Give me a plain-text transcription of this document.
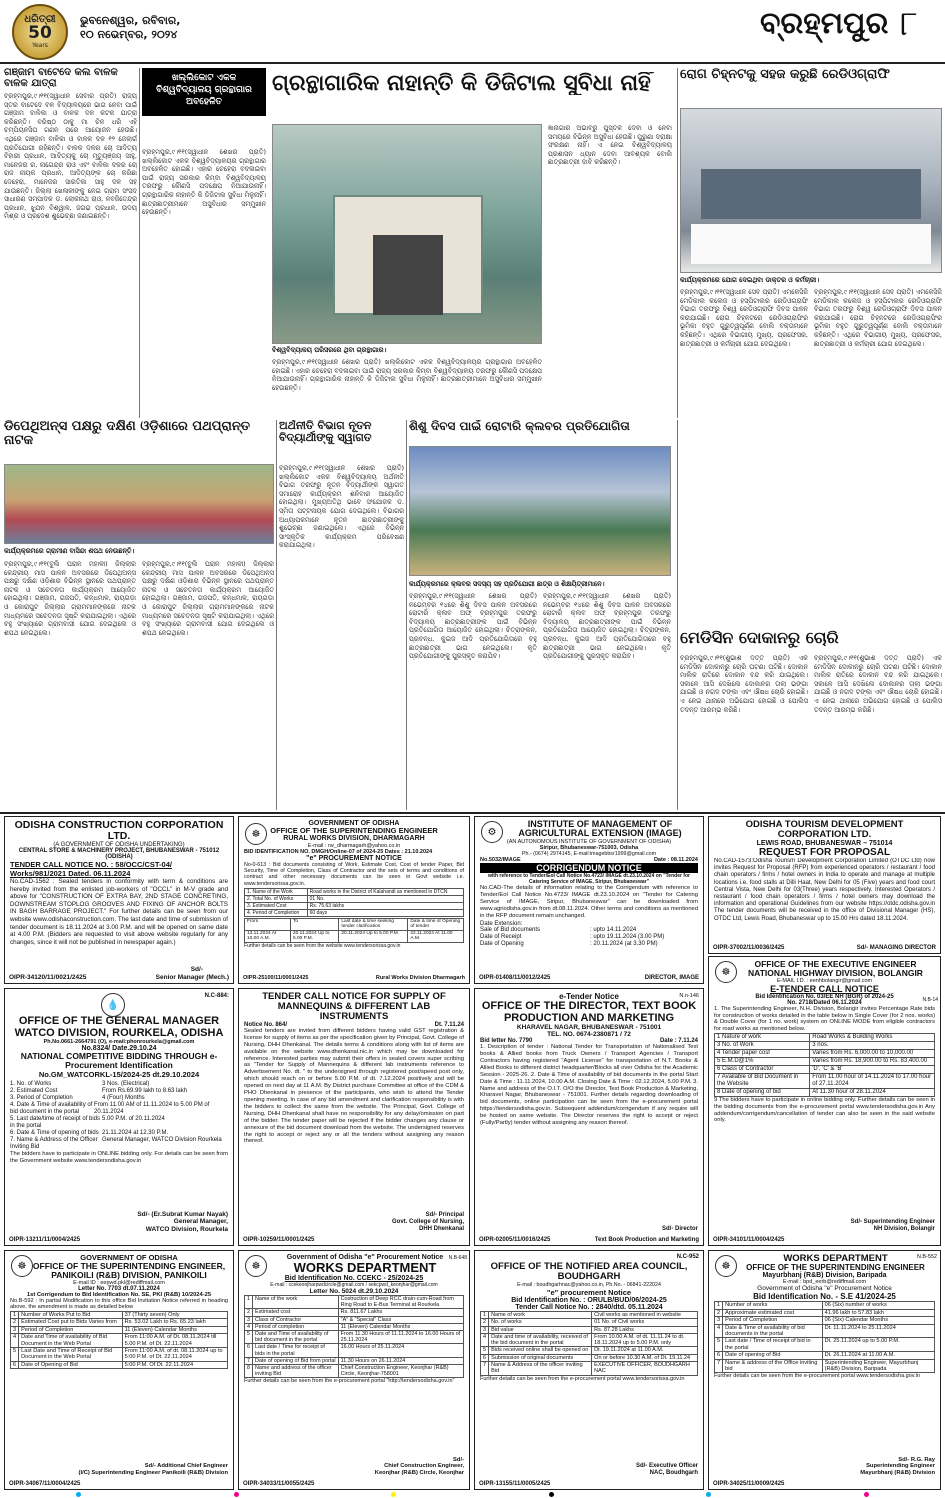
ଧରିତ୍ରୀ
50
Years
ଭୁବନେଶ୍ୱର, ରବିବାର,
୧୦ ନଭେମ୍ବର, ୨୦୨୪	ବ୍ରହ୍ମପୁର ୮
ଗଞ୍ଜାମ ବାଟେଦେ କଲ ବାଳକ ବାଳକ ଯାତ୍ରା
ବ୍ରହ୍ମପୁର,୯।୧୧(ସ୍ୱାଧୀନ ସେବାର ପ୍ରତି) ରାଜ୍ୟ ସ୍ତର ବାଟେଦେ ବଳ ବିଦ୍ୟାଳୟରେ ଭାଗ ନେବା ପାଇଁ ଗଞ୍ଜାମ ବାଳିକା ଓ ବାଳକ ଦଳ କଟକ ଯାତ୍ରା କରିଛନ୍ତି। ବରିଷ୍ଠ ଠାକୁ ମା ଚିନ ଧରି ଏହି ଚମ୍ପିୟନସିପ ଗଣନ ପରେ ଆୟୋଜନ ହେଉଛି। ଏଥିରେ ଗଞ୍ଜାମ ବାଳିକା ଓ ବାଳକ ଦଳ ୧୨ ଜେଲାର୍ଗ ପ୍ରତିଯୋଗୀ ରହିଛନ୍ତି। ବାଳକ ଦଳର ଚୋ ଆଦିତ୍ୟ ବିହାରୀ ପ୍ରଧାନ, ଆଦିତ୍ୟକୁ ଚୋ ମୃତ୍ୟୁଞ୍ଜୟ ସାହୁ, ମାନେଜର ର, ନାଗେନ୍ଦ୍ର ରାଓ ଏବଂ ବାଳିକା ଦଳର ଚୋ ରାଜ ନାୟକ ପ୍ରଧାନ, ଆଦିତ୍ୟଙ୍କ ଚୋ କରିଛା ଦେହେରା, ମାନେଜର ସାରତିକା ସାହୁ ଦଳ ସହ ଯାଉଛନ୍ତି। ଜିଲ୍ଲା ଖେଳାଳୀଙ୍କୁ ନେଇ ଗ୍ରାମ ସଂସଦ ସାଧାରଣ ସମ୍ପାଦକ ଡ. ଲୋକନାଥ ରାଓ, ନବଜିତେନ୍ଦ୍ର ପ୍ରଧାନ, ଝୁଯନ ବିଶ୍ୱାଳ, ଜଗଭ ପ୍ରଧାନ, ଉଦୟ ମିଶ୍ର ଓ ପ୍ରଦେଶ ଶୁଭେଚ୍ଛା ଜଣାଇଛନ୍ତି।
ଖଲ୍ଲିକୋଟ ଏକକ ବିଶ୍ୱବିଦ୍ୟାଳୟ ଗ୍ରନ୍ଥାଗାର ଅବହେଳିତ
ଗ୍ରନ୍ଥାଗାରିକ ନାହାନ୍ତି କି ଡିଜିଟାଲ ସୁବିଧା ନାହିଁ
ବ୍ରହ୍ମପୁର,୯।୧୧(ସ୍ୱାଧୀନ ଶେଖର ପ୍ରାତି) ଖଲ୍ଲିକୋଟ ଏକକ ବିଶ୍ୱବିଦ୍ୟାଳୟର ଗ୍ରନ୍ଥାଗାର ଅବହେଳିତ ହୋଇଛି। ଏହାର ଚେହେରା ବଦଳାଇବା ପାଇଁ ରାଜ୍ୟ ସରକାର କିମ୍ବା ବିଶ୍ୱବିଦ୍ୟାଳୟ ତରଫରୁ କୌଣସି ପଦକ୍ଷେପ ନିଆଯାଉନାହିଁ। ଗ୍ରନ୍ଥାଗାରିକ ନାହାନ୍ତି କି ଡିଜିଟାଲ ସୁବିଧା ମିଳୁନାହିଁ। ଛାତ୍ରଛାତ୍ରୀମାନେ ଅସୁବିଧାର ସମ୍ମୁଖୀନ ହେଉଛନ୍ତି।
ବିଶ୍ୱବିଦ୍ୟାଳୟ ପରିସରରେ ଥିବା ଗ୍ରନ୍ଥାଗାର।
ଜ୍ଞାନାଗାର ଅଭାବରୁ ପୁସ୍ତକ ଦେବା ଓ ନେବା ସମୟରେ ବିଭିନ୍ନ ଅସୁବିଧା ହେଉଛି। ପୁରୁଣା ଦ୍ରାକ୍ଷା ସଂରକ୍ଷଣ ନାହିଁ। ଏ ନେଇ ବିଶ୍ୱବିଦ୍ୟାଳୟ ପ୍ରଶାସନ ଧ୍ୟାନ ଦେବା ଆବଶ୍ୟକ ବୋଲି ଛାତ୍ରଛାତ୍ରୀ ଦାବି କରିଛନ୍ତି।
ବ୍ରହ୍ମପୁର,୯।୧୧(ସ୍ୱାଧୀନ ଶେଖର ପ୍ରାତି) ଖଲ୍ଲିକୋଟ ଏକକ ବିଶ୍ୱବିଦ୍ୟାଳୟର ଗ୍ରନ୍ଥାଗାର ଅବହେଳିତ ହୋଇଛି। ଏହାର ଚେହେରା ବଦଳାଇବା ପାଇଁ ରାଜ୍ୟ ସରକାର କିମ୍ବା ବିଶ୍ୱବିଦ୍ୟାଳୟ ତରଫରୁ କୌଣସି ପଦକ୍ଷେପ ନିଆଯାଉନାହିଁ। ଗ୍ରନ୍ଥାଗାରିକ ନାହାନ୍ତି କି ଡିଜିଟାଲ ସୁବିଧା ମିଳୁନାହିଁ। ଛାତ୍ରଛାତ୍ରୀମାନେ ଅସୁବିଧାର ସମ୍ମୁଖୀନ ହେଉଛନ୍ତି।
ରୋଗ ଚିହ୍ନଟକୁ ସହଜ କରୁଛି ରେଡିଓଗ୍ରାଫି
କାର୍ଯ୍ୟକ୍ରମରେ ଯୋଗ ଦେଇଥିବା ଡାକ୍ତର ଓ କର୍ମଚାରୀ।
ବ୍ରହ୍ମପୁର,୯।୧୧(ସ୍ୱାଧୀନ ସେବ ପ୍ରାତି) ଏମକେସିଜି ମେଡିକାଲ କଲେଜ ଓ ହସ୍ପିଟାଲର ରେଡିଓଗ୍ରାଫି ବିଭାଗ ତରଫରୁ ବିଶ୍ୱ ରେଡିଓଗ୍ରାଫି ଦିବସ ପାଳନ କରାଯାଇଛି। ରୋଗ ଚିହ୍ନଟରେ ରେଡିଓଗ୍ରାଫିର ଭୂମିକା ବହୁତ ଗୁରୁତ୍ୱପୂର୍ଣ୍ଣ ବୋଲି ବକ୍ତାମାନେ କହିଛନ୍ତି। ଏଥିରେ ବିଭାଗୀୟ ମୁଖ୍ୟ, ପ୍ରଫେସର, ଛାତ୍ରଛାତ୍ରୀ ଓ କର୍ମଚାରୀ ଯୋଗ ଦେଇଥିଲେ।
ବ୍ରହ୍ମପୁର,୯।୧୧(ସ୍ୱାଧୀନ ସେବ ପ୍ରାତି) ଏମକେସିଜି ମେଡିକାଲ କଲେଜ ଓ ହସ୍ପିଟାଲର ରେଡିଓଗ୍ରାଫି ବିଭାଗ ତରଫରୁ ବିଶ୍ୱ ରେଡିଓଗ୍ରାଫି ଦିବସ ପାଳନ କରାଯାଇଛି। ରୋଗ ଚିହ୍ନଟରେ ରେଡିଓଗ୍ରାଫିର ଭୂମିକା ବହୁତ ଗୁରୁତ୍ୱପୂର୍ଣ୍ଣ ବୋଲି ବକ୍ତାମାନେ କହିଛନ୍ତି। ଏଥିରେ ବିଭାଗୀୟ ମୁଖ୍ୟ, ପ୍ରଫେସର, ଛାତ୍ରଛାତ୍ରୀ ଓ କର୍ମଚାରୀ ଯୋଗ ଦେଇଥିଲେ।
ଡିପେଥିଅନ୍ସ ପକ୍ଷରୁ ଦକ୍ଷିଣ ଓଡ଼ିଶାରେ ପଥପ୍ରାନ୍ତ ନାଟକ
କାର୍ଯ୍ୟକ୍ରମରେ ଗ୍ରାମୀଣ ବାସିନ୍ଦା ଶପଥ ନେଉଛନ୍ତି।
ବ୍ରହ୍ମପୁର,୯।୧୧(ବୁଲି ଘରାନ ମହାଳୀ) ଜିଲ୍ଲାର କେନ୍ଦ୍ରୀୟ ମାସ ପାଳନ ଅବସରରେ ଡିପେଥିଅନ୍ସ ପକ୍ଷରୁ ଦକ୍ଷିଣ ଓଡ଼ିଶାର ବିଭିନ୍ନ ସ୍ଥାନରେ ପଥପ୍ରାନ୍ତ ନାଟକ ଓ ସଚେତନତା କାର୍ଯ୍ୟକ୍ରମ ଆୟୋଜିତ ହୋଇଥିଲା। ଗଞ୍ଜାମ, ଗଜପତି, କନ୍ଧମାଳ, ରାୟଗଡ଼ା ଓ କୋରାପୁଟ ଜିଲ୍ଲାର ଗ୍ରାମମାନଙ୍କରେ ନାଟକ ମାଧ୍ୟମରେ ସଚେତନତା ସୃଷ୍ଟି କରାଯାଇଥିଲା। ଏଥିରେ ବହୁ ସଂଖ୍ୟାରେ ଗ୍ରାମବାସୀ ଯୋଗ ଦେଇଥିଲେ ଓ ଶପଥ ନେଇଥିଲେ।
ବ୍ରହ୍ମପୁର,୯।୧୧(ବୁଲି ଘରାନ ମହାଳୀ) ଜିଲ୍ଲାର କେନ୍ଦ୍ରୀୟ ମାସ ପାଳନ ଅବସରରେ ଡିପେଥିଅନ୍ସ ପକ୍ଷରୁ ଦକ୍ଷିଣ ଓଡ଼ିଶାର ବିଭିନ୍ନ ସ୍ଥାନରେ ପଥପ୍ରାନ୍ତ ନାଟକ ଓ ସଚେତନତା କାର୍ଯ୍ୟକ୍ରମ ଆୟୋଜିତ ହୋଇଥିଲା। ଗଞ୍ଜାମ, ଗଜପତି, କନ୍ଧମାଳ, ରାୟଗଡ଼ା ଓ କୋରାପୁଟ ଜିଲ୍ଲାର ଗ୍ରାମମାନଙ୍କରେ ନାଟକ ମାଧ୍ୟମରେ ସଚେତନତା ସୃଷ୍ଟି କରାଯାଇଥିଲା। ଏଥିରେ ବହୁ ସଂଖ୍ୟାରେ ଗ୍ରାମବାସୀ ଯୋଗ ଦେଇଥିଲେ ଓ ଶପଥ ନେଇଥିଲେ।
ଅର୍ଥନୀତି ବିଭାଗ ନୂତନ ବିଦ୍ୟାର୍ଥୀଙ୍କୁ ସ୍ୱାଗତ
ବ୍ରହ୍ମପୁର,୯।୧୧(ସ୍ୱାଧୀନ ଶେଖର ପ୍ରାତି) ଖଲ୍ଲିକୋଟ ଏକକ ବିଶ୍ୱବିଦ୍ୟାଳୟ ଅର୍ଥନୀତି ବିଭାଗ ତରଫରୁ ନୂତନ ବିଦ୍ୟାର୍ଥୀଙ୍କ ସ୍ୱାଗତ ସମାରୋହ କାର୍ଯ୍ୟକ୍ରମ ଶନିବାର ଆୟୋଜିତ ହୋଇଥିଲା। ମୁଖ୍ୟଅତିଥି ଭାବେ ସଂଯୋଜକ ଡ. ସ୍ମିତା ପଟ୍ଟନାୟକ ଯୋଗ ଦେଇଥିଲେ। ବିଭାଗର ଅଧ୍ୟାପକମାନେ ନୂତନ ଛାତ୍ରଛାତ୍ରୀଙ୍କୁ ଶୁଭେଚ୍ଛା ଜଣାଇଥିଲେ। ଏଥିରେ ବିଭିନ୍ନ ସାଂସ୍କୃତିକ କାର୍ଯ୍ୟକ୍ରମ ପରିବେଷଣ କରାଯାଇଥିଲା।
ଶିଶୁ ଦିବସ ପାଇଁ ରୋଟାରି କ୍ଲବର ପ୍ରତିଯୋଗିତା
କାର୍ଯ୍ୟକ୍ରମରେ କ୍ଲବର ସଦସ୍ୟ ସହ ପ୍ରତିଯୋଗୀ ଛାତ୍ର ଓ ଶିକ୍ଷୟିତ୍ରୀମାନେ।
ବ୍ରହ୍ମପୁର,୯।୧୧(ସ୍ୱାଧୀନ ଶେଖର ପ୍ରାତି) ନଭେମ୍ବର ୧୪ରେ ଶିଶୁ ଦିବସ ପାଳନ ଅବସରରେ ରୋଟାରି କ୍ଲବ ଅଫ୍ ବ୍ରହ୍ମପୁର ତରଫରୁ ବିଦ୍ୟାଳୟ ଛାତ୍ରଛାତ୍ରୀଙ୍କ ପାଇଁ ବିଭିନ୍ନ ପ୍ରତିଯୋଗିତା ଆୟୋଜିତ ହୋଇଥିଲା। ଚିତ୍ରାଙ୍କନ, ପ୍ରବନ୍ଧ, କୁଇଜ ଆଦି ପ୍ରତିଯୋଗିତାରେ ବହୁ ଛାତ୍ରଛାତ୍ରୀ ଭାଗ ନେଇଥିଲେ। କୃତି ପ୍ରତିଯୋଗୀଙ୍କୁ ପୁରସ୍କୃତ କରାଯିବ।
ବ୍ରହ୍ମପୁର,୯।୧୧(ସ୍ୱାଧୀନ ଶେଖର ପ୍ରାତି) ନଭେମ୍ବର ୧୪ରେ ଶିଶୁ ଦିବସ ପାଳନ ଅବସରରେ ରୋଟାରି କ୍ଲବ ଅଫ୍ ବ୍ରହ୍ମପୁର ତରଫରୁ ବିଦ୍ୟାଳୟ ଛାତ୍ରଛାତ୍ରୀଙ୍କ ପାଇଁ ବିଭିନ୍ନ ପ୍ରତିଯୋଗିତା ଆୟୋଜିତ ହୋଇଥିଲା। ଚିତ୍ରାଙ୍କନ, ପ୍ରବନ୍ଧ, କୁଇଜ ଆଦି ପ୍ରତିଯୋଗିତାରେ ବହୁ ଛାତ୍ରଛାତ୍ରୀ ଭାଗ ନେଇଥିଲେ। କୃତି ପ୍ରତିଯୋଗୀଙ୍କୁ ପୁରସ୍କୃତ କରାଯିବ।
ମେଡିସିନ ଦୋକାନରୁ ଚୋରି
ବ୍ରହ୍ମପୁର,୯।୧୧(ଶୁଭାଶ ଦତ୍ତ ପ୍ରାତି) ଏକ ମେଡିସିନ ଦୋକାନରୁ ଚୋରି ଘଟଣା ଘଟିଛି। ଦୋକାନ ମାଲିକ ରାତିରେ ଦୋକାନ ବନ୍ଦ କରି ଯାଇଥିଲେ। ସକାଳେ ଆସି ଦେଖିଲେ ଦୋକାନର ତାଲା ଭଙ୍ଗା ଯାଇଛି ଓ ନଗଦ ଟଙ୍କା ଏବଂ ଔଷଧ ଚୋରି ହୋଇଛି। ଏ ନେଇ ଥାନାରେ ଅଭିଯୋଗ ହୋଇଛି ଓ ପୋଲିସ ତଦନ୍ତ ଆରମ୍ଭ କରିଛି।
ବ୍ରହ୍ମପୁର,୯।୧୧(ଶୁଭାଶ ଦତ୍ତ ପ୍ରାତି) ଏକ ମେଡିସିନ ଦୋକାନରୁ ଚୋରି ଘଟଣା ଘଟିଛି। ଦୋକାନ ମାଲିକ ରାତିରେ ଦୋକାନ ବନ୍ଦ କରି ଯାଇଥିଲେ। ସକାଳେ ଆସି ଦେଖିଲେ ଦୋକାନର ତାଲା ଭଙ୍ଗା ଯାଇଛି ଓ ନଗଦ ଟଙ୍କା ଏବଂ ଔଷଧ ଚୋରି ହୋଇଛି। ଏ ନେଇ ଥାନାରେ ଅଭିଯୋଗ ହୋଇଛି ଓ ପୋଲିସ ତଦନ୍ତ ଆରମ୍ଭ କରିଛି।
ODISHA CONSTRUCTION CORPORATION LTD.
(A GOVERNMENT OF ODISHA UNDERTAKING)
CENTRAL STORE & MACHINERY PROJECT, BHUBANESWAR - 751012 (ODISHA)
TENDER CALL NOTICE NO. : 58/OCC/CST-04/ Works/981/2021 Dated. 06.11.2024
No.CAD-1562 : Sealed tenders in conformity with term & conditions are hereby invited from the enlisted job-workers of "OCCL" in M-V grade and above for "CONSTRUCTION OF EXTRA BAY, 2ND STAGE CONCRETING, DOWNSTREAM STOPLOG GROOVES AND FIXING OF ANCHOR BOLTS IN BAGH BARRAGE PROJECT." For further details can be seen from our website www.odishaconstruction.com. The last date and time of submission of tender document is 18.11.2024 at 3.00 P.M. and will be opened on same date at 4.00 P.M. (Bidders are requested to visit above website regularly for any changes, since it will not be published in newspaper again.)
OIPR-34120/11/0021/2425	Senior Manager (Mech.)
Sd/-
☸
GOVERNMENT OF ODISHA
OFFICE OF THE SUPERINTENDING ENGINEER
RURAL WORKS DIVISION, DHARMAGARH
E-mail : rw_dharmagarh@yahoo.co.in
BID IDENTIFICATION NO. DMGH/Online-07 of 2024-25 Dates : 21.10.2024
"e" PROCUREMENT NOTICE
No-0-613 : Bid documents consisting of Work, Estimate Cost, Cost of tender Paper, Bid Security, Time of Completion, Class of Contractor and the sets of terms and conditions of contract and other necessary documents can be seen in Govt website i.e. www.tendersorissa.gov.in.
1. Name of the Work	Road works in the District of Kalahandi as mentioned in DTCN
2. Total No. of Works	01 No.
3. Estimated Cost	Rs. 75.63 lakhs
4. Period of Completion	60 days
From	To	Last date & time seeking tender clarification	Date & time of Opening of tender
13.11.2024 At 10.00 A.M.	20.11.2024 Up to 5.00 P.M.	20.11.2024 Up to 5.00 P.M.	22.11.2024 At 11.00 A.M.
Further details can be seen from the website www.tendersorissa.gov.in
OIPR-25100/11/0001/2425	Rural Works Division Dharmagarh
⚙
INSTITUTE OF MANAGEMENT OF
AGRICULTURAL EXTENSION (IMAGE)
(AN AUTONOMOUS INSTITUTE OF GOVERNMENT OF ODISHA)
Siripur, Bhubaneswar-751003, Odisha
Ph.- (0674) 2974145, E-mail:imagebbsr1999@gmail.com
No.5032/IMAGE	Date : 08.11.2024
CORRIGENDUM NOTICE
with reference to Tender/EoI Call Notice No.4723/ IMAGE dt.23.10.2024 on "Tender for Catering Service of IMAGE, Siripur, Bhubaneswar"
No.CAD-The details of information relating to the Corrigendum with reference to Tender/EoI Call Notice No.4723/ IMAGE dt.23.10.2024 on "Tender for Catering Service of IMAGE, Siripur, Bhubaneswar" can be downloaded from www.agriodisha.gov.in from dt.08.11.2024. Other terms and conditions as mentioned in the RFP document remain unchanged.
Date Extension:
Sale of Bid documents	: upto 14.11.2024
Date of Receipt	: upto 19.11.2024 (3.00 PM)
Date of Opening	: 20.11.2024 (at 3.30 PM)
OIPR-01408/11/0012/2425	DIRECTOR, IMAGE
ODISHA TOURISM DEVELOPMENT CORPORATION LTD.
LEWIS ROAD, BHUBANESWAR – 751014
REQUEST FOR PROPOSAL
No.CAD-1573:Odisha Tourism Development Corporation Limited (OTDC Ltd) now invites Request for Proposal (RFP) from experienced operators / restaurant / food chain operators / firms / hotel owners in India to operate and manage at multiple locations i.e. food stalls at Dilli Haat, New Delhi for 05 (Five) years and food court Central Vista, New Delhi for 03(Three) years respectively. Interested Operators / restaurant / food chain operators / firms / hotel owners may download the information and operational Guidelines from our website https://otdc.odisha.gov.in The tender documents will be received in the office of Divisional Manager (HS), OTDC Ltd, Lewis Road, Bhubaneswar up to 15.00 Hrs dated 18.11.2024.
OIPR-37002/11/0036/2425	Sd/- MANAGING DIRECTOR
☸
N.B-14
OFFICE OF THE EXECUTIVE ENGINEER
NATIONAL HIGHWAY DIVISION, BOLANGIR
E-MAIL I.D. : eenhbolangir@gmail.com
E-TENDER CALL NOTICE
Bid Identification No. 03/EE NH (BGR) of 2024-25
No. 2718/Dated 06.11.2024
1. The Superintending Engineer, N.H. Division, Bolangir invites Percentage Rate bids for construction of works detailed in the table below in Single Cover (for 2 nos. works) & Double Cover (for 1 no. work) system on ONLINE MODE from eligible contractors for road works as mentioned below.
1 Nature of work	Road Works & Building Works
3 No. of Work	3 nos.
4 Tender paper cost	Varies from Rs. 6,000.00 to 10,000.00
5 E.M.D@1%	Varies from Rs. 18,900.00 to Rs. 83,400.00
6 Class of Contractor	'D', 'C' & 'B'
7 Available of Bid Document in the Website	From 11.00 hour of 14.11.2024 to 17.00 hour of 27.11.2024
8 Date of opening of bid	At 11.30 hour of 28.11.2024
9 The bidders have to participate in online bidding only. Further details can be seen in the bidding documents from the e-procurement portal www.tendersodisha.gov.in Any addendum/corrigendum/cancellation of tender can also be seen in the said website only.
Sd/- Superintending Engineer
NH Division, Bolangir
OIPR-34101/11/0004/2425
💧
N.C-884:
OFFICE OF THE GENERAL MANAGER WATCO DIVISION, ROURKELA, ODISHA
Ph.No.0661-2664791 (O), e-mail:phonrourkela@gmail.com
No.8324/ Date.29.10.24
NATIONAL COMPETITIVE BIDDING THROUGH e-Procurement Identification
No.GM_WATCORKL-15/2024-25 dt.29.10.2024
1. No. of Works	3 Nos. (Electrical)
2. Estimated Cost	From Rs.69.99 lakh to 8.63 lakh
3. Period of Completion	4 (Four) Months
4. Date & Time of availability of bid document in the portal
From 11.00 AM of 11.11.2024 to 5.00 PM of 20.11.2024
5. Last date/time of receipt of bids in the portal
5.00 P.M. of 20.11.2024
6. Date & Time of opening of bids 21.11.2024 at 12.30 P.M.
7. Name & Address of the Officer Inviting Bid
General Manager, WATCO Division Rourkela
The bidders have to participate in ONLINE bidding only. For details can be seen from the Government website www.tendersodisha.gov.in
Sd/- (Er.Subrat Kumar Nayak)
General Manager,
WATCO Division, Rourkela
OIPR-13211/11/0004/2425
TENDER CALL NOTICE FOR SUPPLY OF MANNEQUINS & DIFFERENT LAB INSTRUMENTS
Notice No. 864/	Dt. 7.11.24
Sealed tenders are invited from different bidders having valid GST registration & license for supply of items as per the specification given by Principal, Govt. College of Nursing, DHH Dhenkanal. The details terms & conditions along with list of items are available on the website www.dhenkanal.nic.in which may be downloaded for reference. Interested parties may submit their offers in sealed covers super scribing as "Tender for Supply of Mannequins & different lab instruments reference to Advertisement No. dt. " to the undersigned through registered post/speed post only, which should reach on or before 5.00 P.M. of dt. 7.12.2024 positively and will be opened on next day at 11 A.M. By District purchase Committee at office of the CDM & PHO Dhenkanal in presence of the participants, who wish to attend the Tender opening meeting. In case of any bid amendment and clarification responsibility is with the bidders to collect the same from the website. The Principal, Govt. College of Nursing, DHH Dhenkanal shall have no responsibility for any delay/omission on part of the bidder. The tender paper will be rejected if the bidder changes any clause or annexure of the bid document download from the website. The undersigned reserves the right to accept or reject any or all the tenders without assigning any reason thereof.
Sd/- Principal
Govt. College of Nursing,
DHH Dhenkanal
OIPR-10259/11/0001/2425
e-Tender Notice	N.n-146
OFFICE OF THE DIRECTOR, TEXT BOOK PRODUCTION AND MARKETING
KHARAVEL NAGAR, BHUBANESWAR - 751001
TEL. NO. 0674-2380871 / 72
Bid letter No. 7790	Date : 7.11.24
1. Description of tender : National Tender for Transportation of Nationalised Text books & Allied books from Truck Owners / Transport Agencies / Transport Contractors having registered "Agent License" for transportation of N.T. Books & Allied Books to different district headquarter/Blocks all over Odisha for the Academic Session - 2025-26. 2. Date & Time of availability of bid documents in the portal Start Date & Time : 11.11.2024, 10.00 A.M. Closing Date & Time : 02.12.2024, 5.00 P.M. 3. Name and address of the O.I.T. O/O the Director, Text Book Production & Marketing, Kharavel Nagar, Bhubaneswar - 751001. Further details regarding downloading of bid documents, online participation can be seen from the e-procurement portal https://tendersodisha.gov.in. Subsequent addendum/corrigendum if any require will be hosted on same website. The Director reserves the right to accept or reject (Fully/Partly) tender without assigning any reason thereof.
Sd/- Director
OIPR-02005/11/0016/2425	Text Book Production and Marketing
☸
GOVERNMENT OF ODISHA
OFFICE OF THE SUPERINTENDING ENGINEER, PANIKOILI (R&B) DIVISION, PANIKOILI
E-mail ID : eepwd.pkl@rediffmail.com
Letter No. 7703 dt.07.11.2024
1st Corrigendum to Bid Identification No. SE, PKI (R&B) 10/2024-25
No.B-592 : In partial Modification to this office Bid Invitation Notice referred in heading above, the amendment is made as detailed below
1	Number of Works Put to Bid	37 (Thirty seven) Only
2	Estimated Cost put to Bids Varies from	Rs. 53.02 Lakh to Rs. 65.23 lakh
3	Period of Completion	11 (Eleven) Calendar Months
4	Date and Time of availability of Bid Document in the Web Portal	From 11:00 A.M. of Dt. 08.11.2024 till 5.00 P.M. of Dt. 22.11.2024
5	Last Date and Time of Receipt of Bid Document in the Web Portal	From 11:00 A.M. of dt. 08.11.2024 up to 5:00 P.M. of Dt. 22.11.2024
6	Date of Opening of Bid	5:00 P.M. Of Dt. 22.11.2024
Sd/- Additional Chief Engineer
(I/C) Superintending Engineer Panikoili (R&B) Division
OIPR-34067/11/0004/2425
☸
N.B-648
Government of Odisha "e" Procurement Notice
WORKS DEPARTMENT
Bid Identification No. CCEKC - 25/2024-25
E-mail : ccekeonjharpwdcircle@gmail.com / sekcpwd_keonjhar@gmail.com
Letter No. 5024 dt.29.10.2024
1	Name of the work	Costruction of Deep RCC drain-cum-Road from Ring Road to E-Bus Terminal at Rourkela
2	Estimated cost	Rs. 811.67 Lakhs
3	Class of Contractor	"A" & "Special" Class
4	Period of completion	11 (Eleven) Calendar Months
5	Date and Time of availability of bid document in the portal	From 11.30 Hours of 11.11.2024 to 16.00 Hours of 25.11.2024
6	Last date / Time for receipt of bids in the portal	16.00 Hours of 25.11.2024
7	Date of opening of Bid from portal	11.30 Hours on 26.11.2024
8	Name and address of the officer inviting Bid	Chief Construction Engineer, Keonjhar (R&B) Circle, Keonjhar-758001
Further details can be seen from the e-procurement portal "http://tendersodisha.gov.in"
Sd/-
Chief Construction Engineer,
Keonjhar (R&B) Circle, Keonjhar
OIPR-34033/11/0055/2425
N.C-952
OFFICE OF THE NOTIFIED AREA COUNCIL, BOUDHGARH
E-mail : boudhgarhnac@yahoo.co.in, Ph.No. - 06841-222024
"e" procurement Notice
Bid Identification No. : ORULB/BUD/06/2024-25
Tender Call Notice No. : 2840/dtd. 05.11.2024
1	Name of work	Civil works as mentioned in website
2	No. of works	01 No. of Civil works
3	Bid value	Rs. 87.28 Lakhs
4	Date and time of availability, received of the bid document in the portal	From 10.00 A.M. of dt. 11.11.24 to dt. 18.11.2024 up to 5.00 P.M. only
5	Bids received online shall be opened on	Dt. 19.11.2024 at 11.00 A.M.
6	Submission of original documents	On or before 10.30 A.M. of Dt. 19.11.24
7	Name & Address of the officer inviting Bid	EXECUTIVE OFFICER, BOUDHGARH NAC
Further details can be seen from the e-procurement portal www.tendersorissa.gov.in
Sd/- Executive Officer
NAC, Boudhgarh
OIPR-13155/11/0005/2425
☸
N.B-552
WORKS DEPARTMENT
OFFICE OF THE SUPERINTENDING ENGINEER
Mayurbhanj (R&B) Division, Baripada
E-mail : bpd_eerb@rediffmail.com
Government of Odisha "e" Procurement Notice
Bid Identification No. - S.E 41/2024-25
1	Number of works	06 (Six) number of works
2	Approximate estimated cost	41.96 lakh to 57.83 lakh
3	Period of Completion	06 (Six) Calendar Months
4	Date & Time of availability of bid documents in the portal	Dt. 11.11.2024 to 25.11.2024
5	Last date / Time of receipt of bid in the portal	Dt. 25.11.2024 up to 5.00 P.M.
6	Date of opening of Bid	Dt. 26.11.2024 at 11.00 A.M.
7	Name & address of the Office inviting bid	Superintending Engineer, Mayurbhanj (R&B) Division, Baripada
Further details can be seen from the e-procurement portal www.tendersodisha.gov.in
Sd/- R.G. Ray
Superintending Engineer
Mayurbhanj (R&B) Division
OIPR-34025/11/0009/2425
